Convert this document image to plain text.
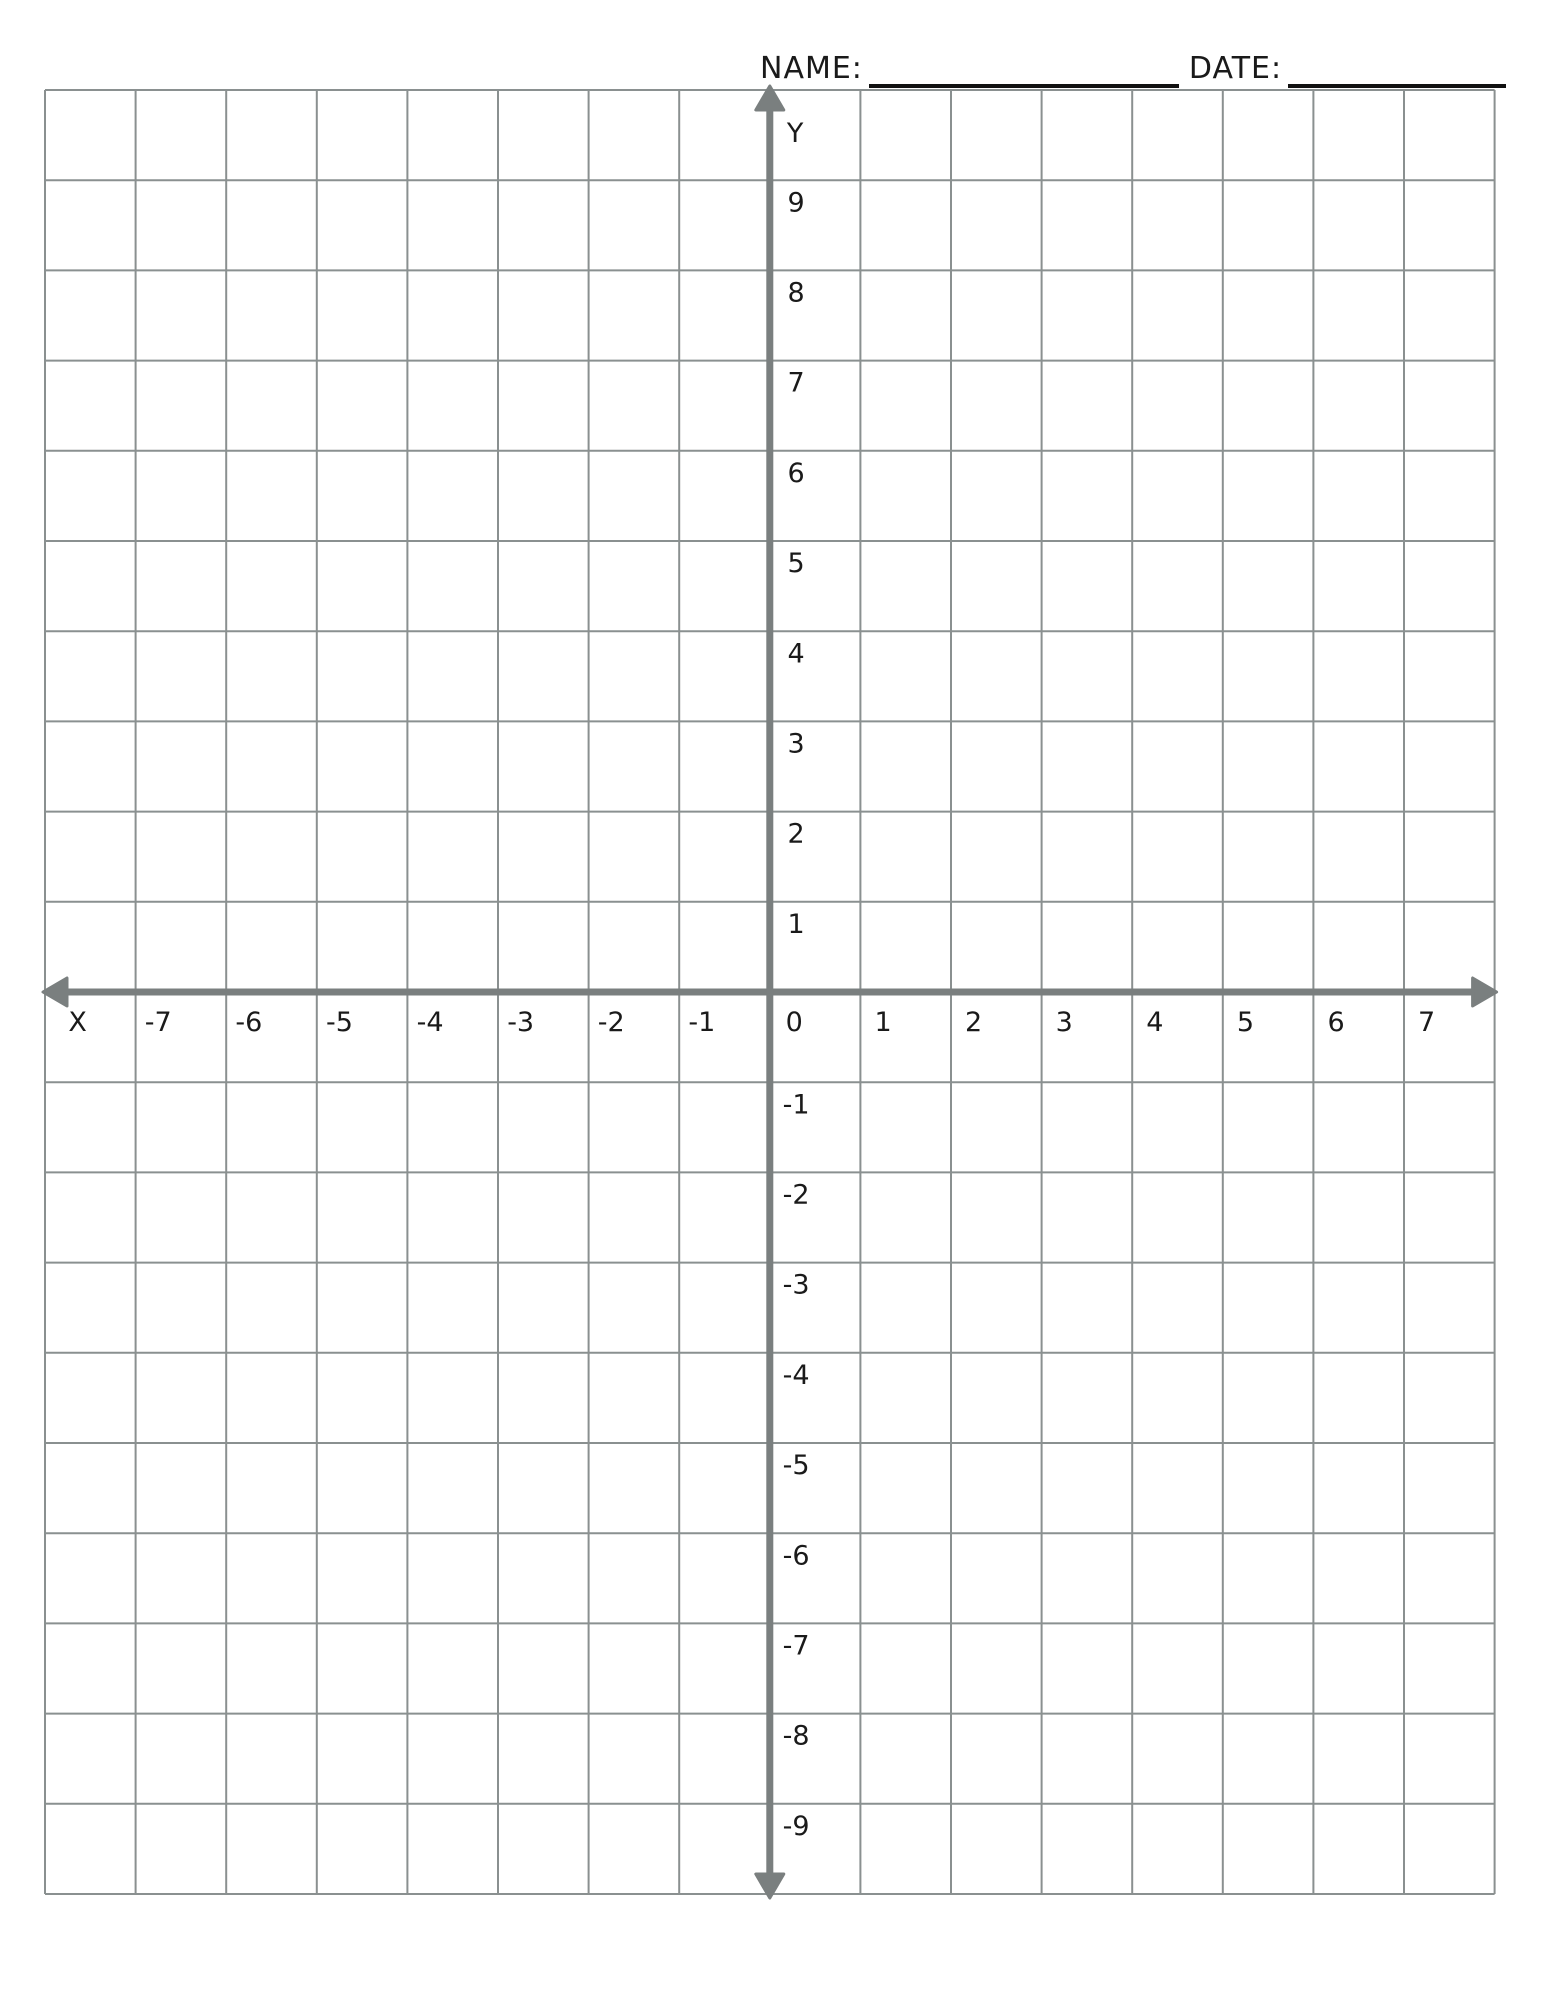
NAME:	DATE:
-7 -6 -5 -4 -3 -2 -1	0	1	2	3	4	5	6	7
X
Y
9
8
7
6
5
4
3
2
1
-1
-2
-3
-4
-5
-6
-7
-8
-9
